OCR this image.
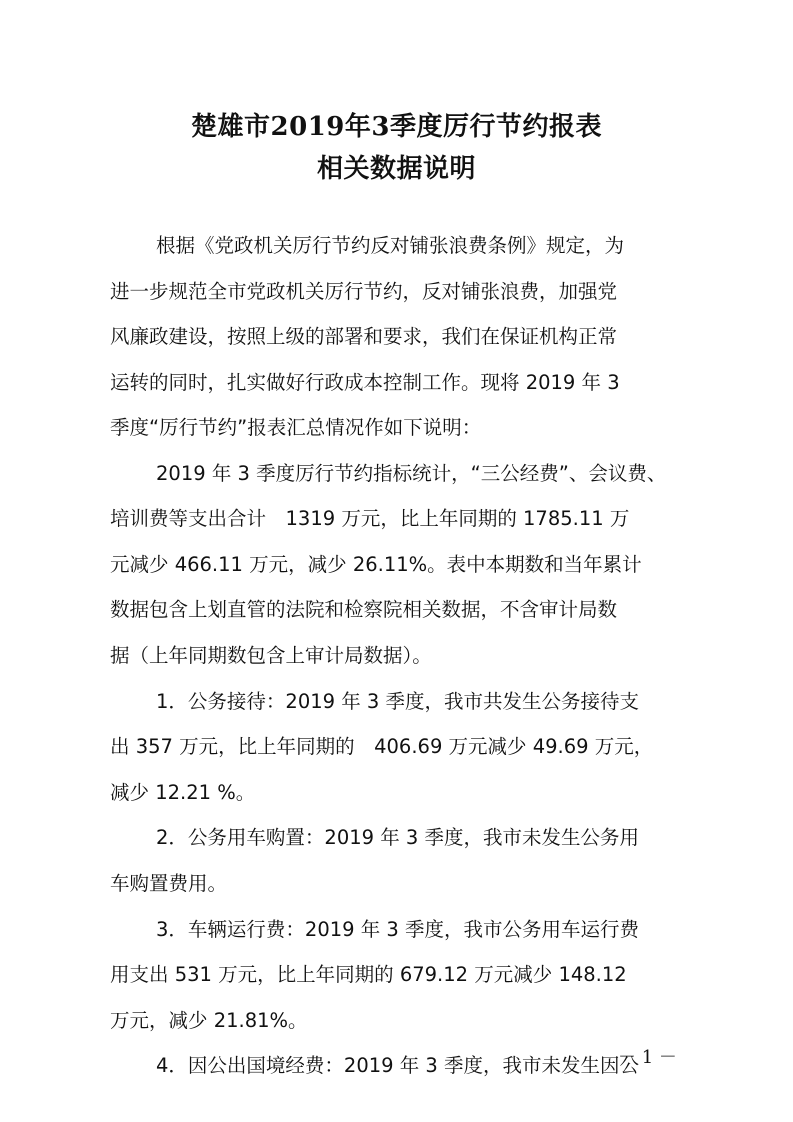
楚雄市2019年3季度厉行节约报表
相关数据说明
根据《党政机关厉行节约反对铺张浪费条例》规定，为
进一步规范全市党政机关厉行节约，反对铺张浪费，加强党
风廉政建设，按照上级的部署和要求，我们在保证机构正常
运转的同时，扎实做好行政成本控制工作。现将 2019 年 3
季度“厉行节约”报表汇总情况作如下说明：
2019 年 3 季度厉行节约指标统计，“三公经费”、会议费、
培训费等支出合计　1319 万元，比上年同期的 1785.11 万
元减少 466.11 万元，减少 26.11%。表中本期数和当年累计
数据包含上划直管的法院和检察院相关数据，不含审计局数
据（上年同期数包含上审计局数据）。
1．公务接待：2019 年 3 季度，我市共发生公务接待支
出 357 万元，比上年同期的　406.69 万元减少 49.69 万元，
减少 12.21 %。
2．公务用车购置：2019 年 3 季度，我市未发生公务用
车购置费用。
3．车辆运行费：2019 年 3 季度，我市公务用车运行费
用支出 531 万元，比上年同期的 679.12 万元减少 148.12
万元，减少 21.81%。
4．因公出国境经费：2019 年 3 季度，我市未发生因公
－ 1 －
